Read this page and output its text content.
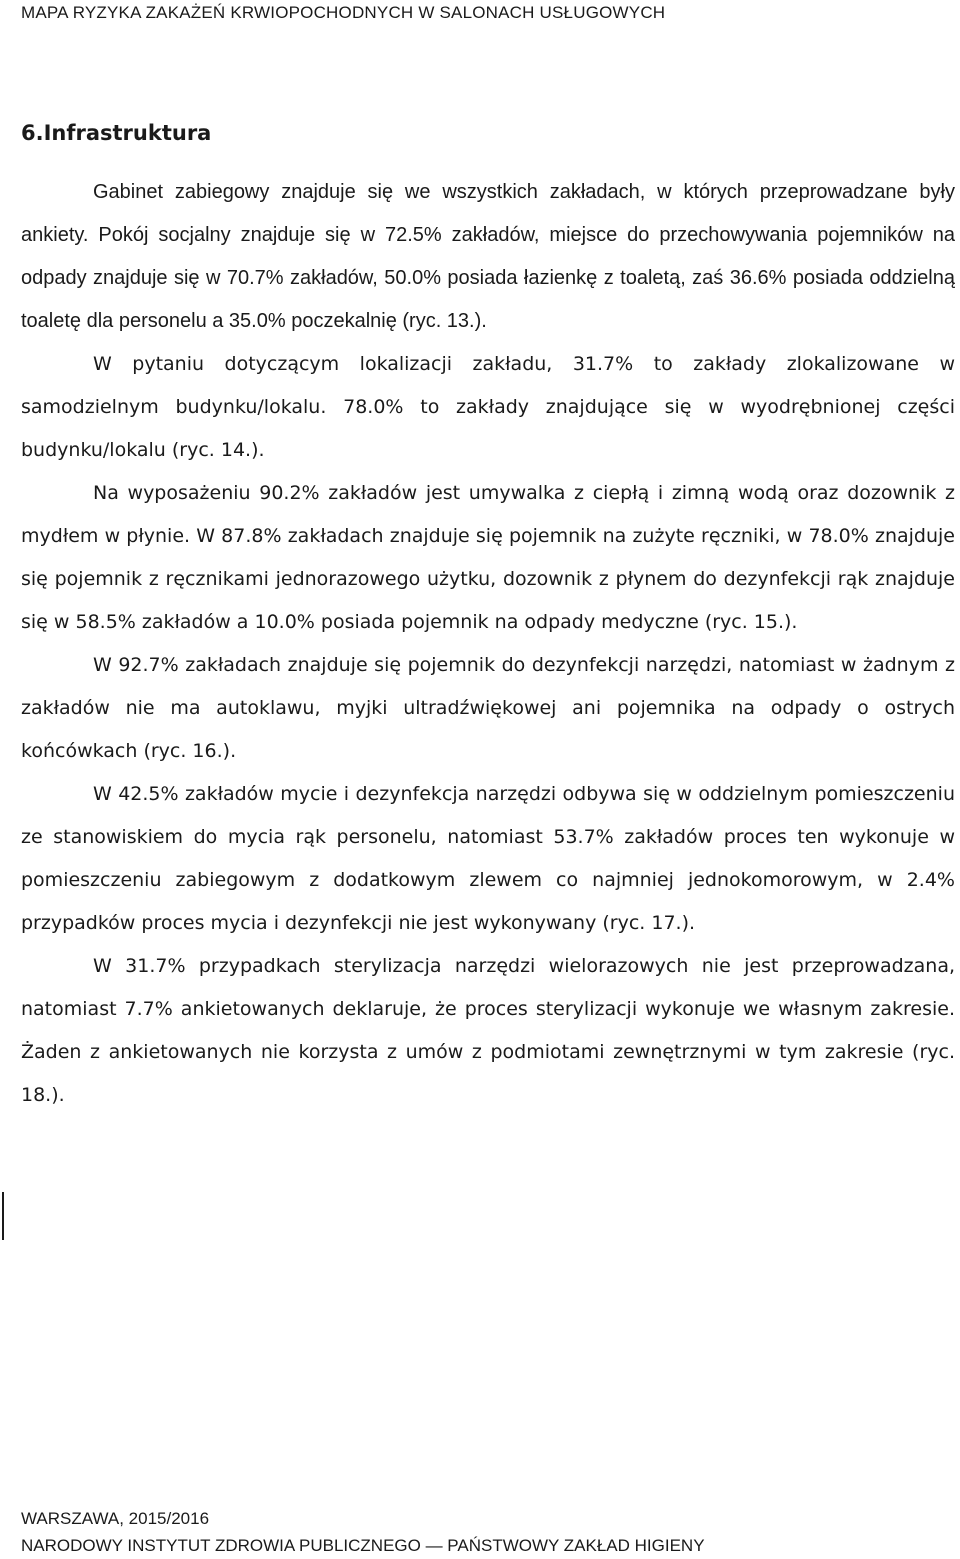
MAPA RYZYKA ZAKAŻEŃ KRWIOPOCHODNYCH W SALONACH USŁUGOWYCH
6.Infrastruktura

Gabinet zabiegowy znajduje się we wszystkich zakładach, w których przeprowadzane były ankiety. Pokój socjalny znajduje się w 72.5% zakładów, miejsce do przechowywania pojemników na odpady znajduje się w 70.7% zakładów, 50.0% posiada łazienkę z toaletą, zaś 36.6% posiada oddzielną toaletę dla personelu a 35.0% poczekalnię (ryc. 13.).

W pytaniu dotyczącym lokalizacji zakładu, 31.7% to zakłady zlokalizowane w samodzielnym budynku/lokalu. 78.0% to zakłady znajdujące się w wyodrębnionej części budynku/lokalu (ryc. 14.).

Na wyposażeniu 90.2% zakładów jest umywalka z ciepłą i zimną wodą oraz dozownik z mydłem w płynie. W 87.8% zakładach znajduje się pojemnik na zużyte ręczniki, w 78.0% znajduje się pojemnik z ręcznikami jednorazowego użytku, dozownik z płynem do dezynfekcji rąk znajduje się w 58.5% zakładów a 10.0% posiada pojemnik na odpady medyczne (ryc. 15.).

W 92.7% zakładach znajduje się pojemnik do dezynfekcji narzędzi, natomiast w żadnym z zakładów nie ma autoklawu, myjki ultradźwiękowej ani pojemnika na odpady o ostrych końcówkach (ryc. 16.).

W 42.5% zakładów mycie i dezynfekcja narzędzi odbywa się w oddzielnym pomieszczeniu ze stanowiskiem do mycia rąk personelu, natomiast 53.7% zakładów proces ten wykonuje w pomieszczeniu zabiegowym z dodatkowym zlewem co najmniej jednokomorowym, w 2.4% przypadków proces mycia i dezynfekcji nie jest wykonywany (ryc. 17.).

W 31.7% przypadkach sterylizacja narzędzi wielorazowych nie jest przeprowadzana, natomiast 7.7% ankietowanych deklaruje, że proces sterylizacji wykonuje we własnym zakresie. Żaden z ankietowanych nie korzysta z umów z podmiotami zewnętrznymi w tym zakresie (ryc. 18.).

WARSZAWA, 2015/2016
NARODOWY INSTYTUT ZDROWIA PUBLICZNEGO — PAŃSTWOWY ZAKŁAD HIGIENY
